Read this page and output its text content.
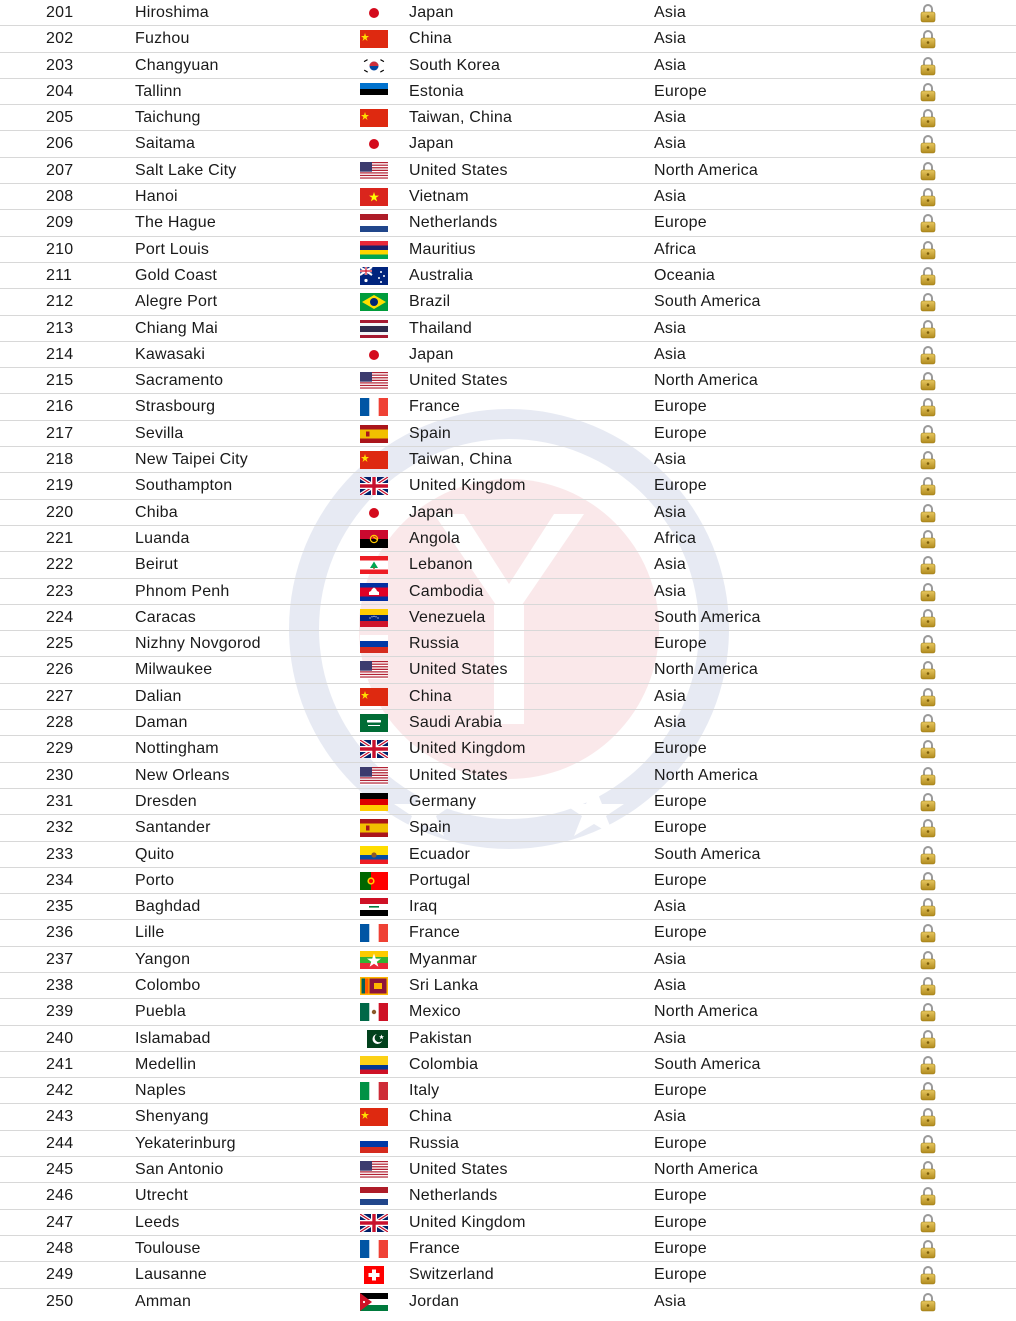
201	Hiroshima	Japan	Asia
202	Fuzhou	China	Asia
203	Changyuan	South Korea	Asia
204	Tallinn	Estonia	Europe
205	Taichung	Taiwan, China	Asia
206	Saitama	Japan	Asia
207	Salt Lake City	United States	North America
208	Hanoi	Vietnam	Asia
209	The Hague	Netherlands	Europe
210	Port Louis	Mauritius	Africa
211	Gold Coast	Australia	Oceania
212	Alegre Port	Brazil	South America
213	Chiang Mai	Thailand	Asia
214	Kawasaki	Japan	Asia
215	Sacramento	United States	North America
216	Strasbourg	France	Europe
217	Sevilla	Spain	Europe
218	New Taipei City	Taiwan, China	Asia
219	Southampton	United Kingdom	Europe
220	Chiba	Japan	Asia
221	Luanda	Angola	Africa
222	Beirut	Lebanon	Asia
223	Phnom Penh	Cambodia	Asia
224	Caracas	Venezuela	South America
225	Nizhny Novgorod	Russia	Europe
226	Milwaukee	United States	North America
227	Dalian	China	Asia
228	Daman	Saudi Arabia	Asia
229	Nottingham	United Kingdom	Europe
230	New Orleans	United States	North America
231	Dresden	Germany	Europe
232	Santander	Spain	Europe
233	Quito	Ecuador	South America
234	Porto	Portugal	Europe
235	Baghdad	Iraq	Asia
236	Lille	France	Europe
237	Yangon	Myanmar	Asia
238	Colombo	Sri Lanka	Asia
239	Puebla	Mexico	North America
240	Islamabad	Pakistan	Asia
241	Medellin	Colombia	South America
242	Naples	Italy	Europe
243	Shenyang	China	Asia
244	Yekaterinburg	Russia	Europe
245	San Antonio	United States	North America
246	Utrecht	Netherlands	Europe
247	Leeds	United Kingdom	Europe
248	Toulouse	France	Europe
249	Lausanne	Switzerland	Europe
250	Amman	Jordan	Asia
